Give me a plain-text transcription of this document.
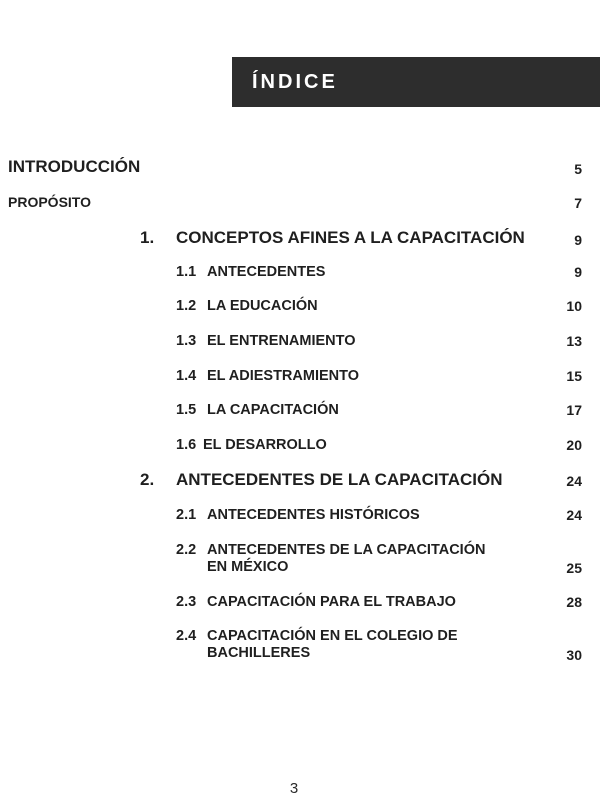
ÍNDICE
INTRODUCCIÓN	5
PROPÓSITO	7
1. CONCEPTOS AFINES A LA CAPACITACIÓN	9
1.1 ANTECEDENTES	9
1.2 LA EDUCACIÓN	10
1.3 EL ENTRENAMIENTO	13
1.4 EL ADIESTRAMIENTO	15
1.5 LA CAPACITACIÓN	17
1.6 EL DESARROLLO	20
2. ANTECEDENTES DE LA CAPACITACIÓN	24
2.1 ANTECEDENTES HISTÓRICOS	24
2.2 ANTECEDENTES DE LA CAPACITACIÓN
EN MÉXICO	25
2.3 CAPACITACIÓN PARA EL TRABAJO	28
2.4 CAPACITACIÓN EN EL COLEGIO DE
BACHILLERES	30
3
